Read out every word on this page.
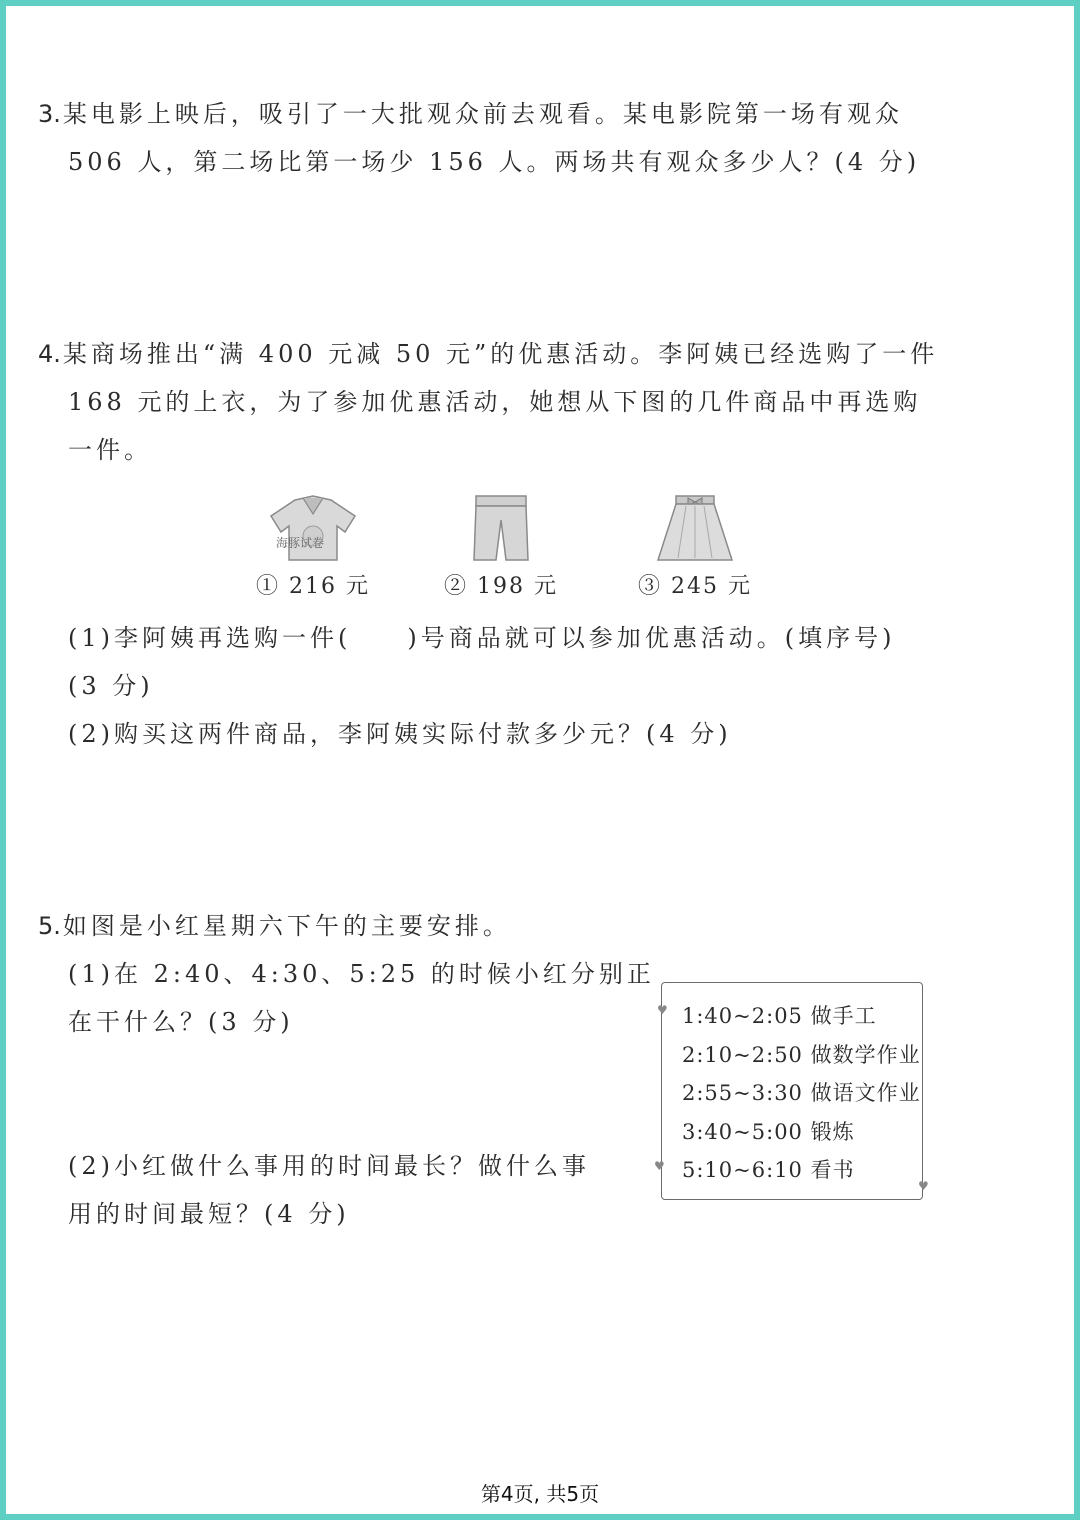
3.某电影上映后，吸引了一大批观众前去观看。某电影院第一场有观众
506 人，第二场比第一场少 156 人。两场共有观众多少人？(4 分)
4.某商场推出“满 400 元减 50 元”的优惠活动。李阿姨已经选购了一件
168 元的上衣，为了参加优惠活动，她想从下图的几件商品中再选购
一件。
海豚试卷
① 216 元	② 198 元	③ 245 元
(1)李阿姨再选购一件(　　)号商品就可以参加优惠活动。(填序号)
(3 分)
(2)购买这两件商品，李阿姨实际付款多少元？(4 分)
5.如图是小红星期六下午的主要安排。
(1)在 2:40、4:30、5:25 的时候小红分别正
在干什么？(3 分)
(2)小红做什么事用的时间最长？做什么事
用的时间最短？(4 分)
1:40~2:05 做手工
2:10~2:50 做数学作业
2:55~3:30 做语文作业
3:40~5:00 锻炼
5:10~6:10 看书
♥
♥
♥
第4页, 共5页
